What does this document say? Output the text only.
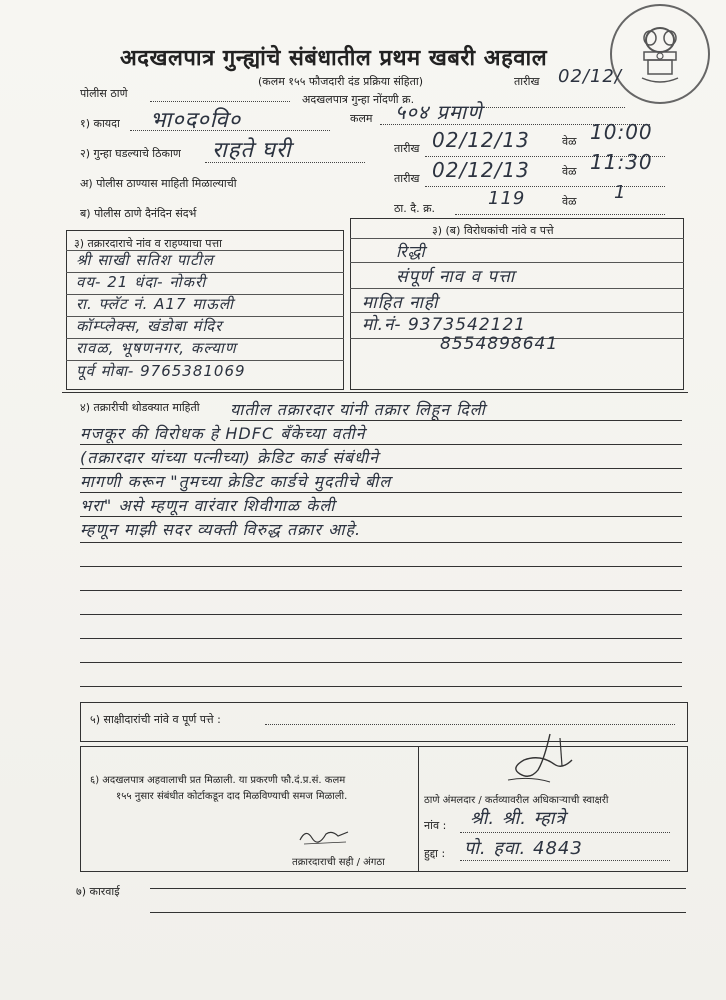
अदखलपात्र गुन्ह्यांचे संबंधातील प्रथम खबरी अहवाल
(कलम १५५ फौजदारी दंड प्रक्रिया संहिता)	तारीख 02/12/
पोलीस ठाणे	अदखलपात्र गुन्हा नोंदणी क्र.
१) कायदा भा०द०वि०	कलम ५०४ प्रमाणे
२) गुन्हा घडल्याचे ठिकाण राहते घरी	तारीख 02/12/13	वेळ 10:00
अ) पोलीस ठाण्यास माहिती मिळाल्याची	तारीख 02/12/13	वेळ 11:30
ब) पोलीस ठाणे दैनंदिन संदर्भ	ठा. दै. क्र.	119	वेळ 1
३) तक्रारदाराचे नांव व राहण्याचा पत्ता
३) (ब) विरोधकांची नांवे व पत्ते
श्री साखी सतिश पाटील
वय- 21 धंदा- नोकरी
रा. फ्लॅट नं. A17 माऊली
कॉम्प्लेक्स, खंडोबा मंदिर
रावळ, भूषणनगर, कल्याण
पूर्व मोबा- 9765381069
रिद्धी
संपूर्ण नाव व पत्ता
माहित नाही
मो.नं- 9373542121
8554898641
४) तक्रारीची थोडक्यात माहिती यातील तक्रारदार यांनी तक्रार लिहून दिली
मजकूर की विरोधक हे HDFC बँकेच्या वतीने
(तक्रारदार यांच्या पत्नीच्या) क्रेडिट कार्ड संबंधीने
मागणी करून "तुमच्या क्रेडिट कार्डचे मुदतीचे बील
भरा" असे म्हणून वारंवार शिवीगाळ केली
म्हणून माझी सदर व्यक्ती विरुद्ध तक्रार आहे.
५) साक्षीदारांची नांवे व पूर्ण पत्ते :
६) अदखलपात्र अहवालाची प्रत मिळाली. या प्रकरणी फौ.दं.प्र.सं. कलम
१५५ नुसार संबंधीत कोर्टाकडून दाद मिळविण्याची समज मिळाली.
तक्रारदाराची सही / अंगठा
ठाणे अंमलदार / कर्तव्यावरील अधिकाऱ्याची स्वाक्षरी
नांव : श्री. श्री. म्हात्रे
हुद्दा : पो. हवा. 4843
७) कारवाई
